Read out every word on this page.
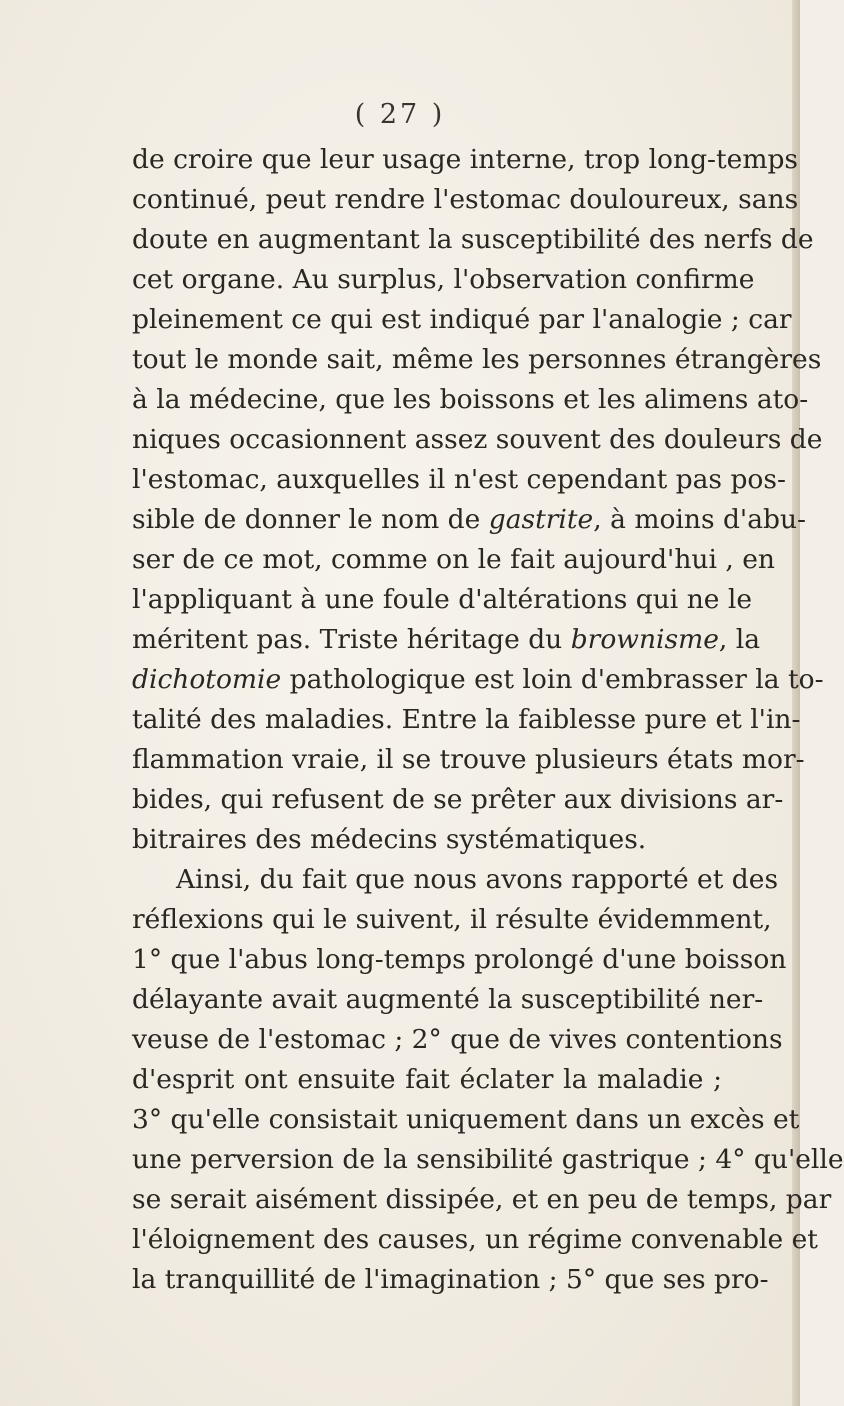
( 27 )
de croire que leur usage interne, trop long-temps
continué, peut rendre l'estomac douloureux, sans
doute en augmentant la susceptibilité des nerfs de
cet organe. Au surplus, l'observation confirme
pleinement ce qui est indiqué par l'analogie ; car
tout le monde sait, même les personnes étrangères
à la médecine, que les boissons et les alimens ato-
niques occasionnent assez souvent des douleurs de
l'estomac, auxquelles il n'est cependant pas pos-
sible de donner le nom de gastrite, à moins d'abu-
ser de ce mot, comme on le fait aujourd'hui , en
l'appliquant à une foule d'altérations qui ne le
méritent pas. Triste héritage du brownisme, la
dichotomie pathologique est loin d'embrasser la to-
talité des maladies. Entre la faiblesse pure et l'in-
flammation vraie, il se trouve plusieurs états mor-
bides, qui refusent de se prêter aux divisions ar-
bitraires des médecins systématiques.
Ainsi, du fait que nous avons rapporté et des
réflexions qui le suivent, il résulte évidemment,
1° que l'abus long-temps prolongé d'une boisson
délayante avait augmenté la susceptibilité ner-
veuse de l'estomac ; 2° que de vives contentions
d'esprit ont ensuite fait éclater la maladie ;
3° qu'elle consistait uniquement dans un excès et
une perversion de la sensibilité gastrique ; 4° qu'elle
se serait aisément dissipée, et en peu de temps, par
l'éloignement des causes, un régime convenable et
la tranquillité de l'imagination ; 5° que ses pro-
